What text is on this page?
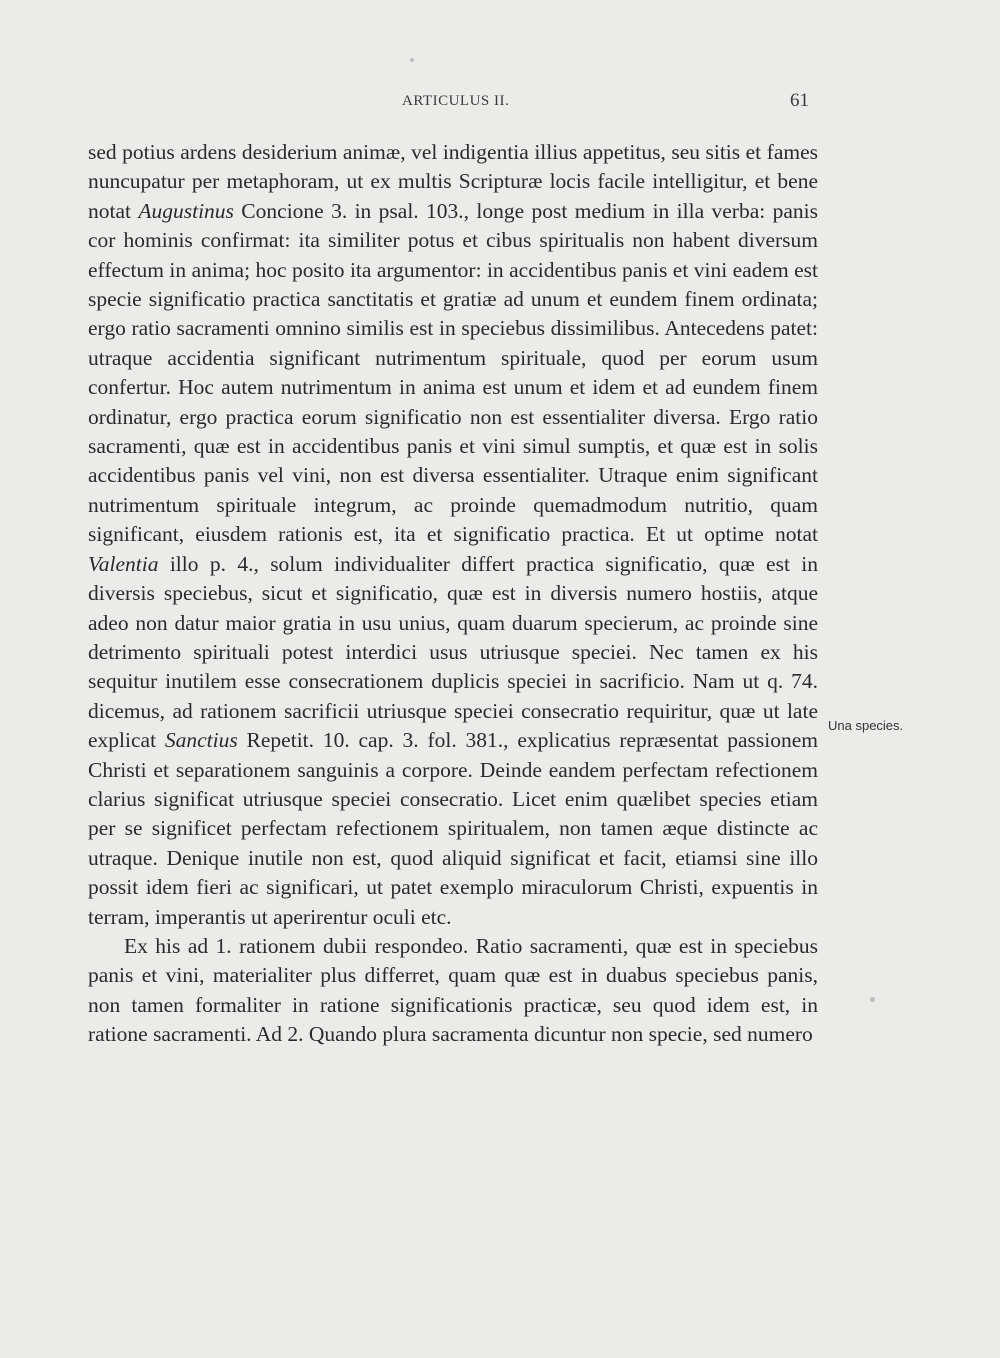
ARTICULUS II.	61

sed potius ardens desiderium animæ, vel indigentia illius appetitus, seu sitis et fames nuncupatur per metaphoram, ut ex multis Scripturæ locis facile intelligitur, et bene notat Augustinus Concione 3. in psal. 103., longe post medium in illa verba: panis cor hominis confirmat: ita similiter potus et cibus spiritualis non habent diversum effectum in anima; hoc posito ita argumentor: in accidentibus panis et vini eadem est specie significatio practica sanctitatis et gratiæ ad unum et eundem finem ordinata; ergo ratio sacramenti omnino similis est in speciebus dissimilibus. Antecedens patet: utraque accidentia significant nutrimentum spirituale, quod per eorum usum confertur. Hoc autem nutrimentum in anima est unum et idem et ad eundem finem ordinatur, ergo practica eorum significatio non est essentialiter diversa. Ergo ratio sacramenti, quæ est in accidentibus panis et vini simul sumptis, et quæ est in solis accidentibus panis vel vini, non est diversa essentialiter. Utraque enim significant nutrimentum spirituale integrum, ac proinde quemadmodum nutritio, quam significant, eiusdem rationis est, ita et significatio practica. Et ut optime notat Valentia illo p. 4., solum individualiter differt practica significatio, quæ est in diversis speciebus, sicut et significatio, quæ est in diversis numero hostiis, atque adeo non datur maior gratia in usu unius, quam duarum specierum, ac proinde sine detrimento spirituali potest interdici usus utriusque speciei. Nec tamen ex his sequitur inutilem esse consecrationem duplicis speciei in sacrificio. Nam ut q. 74. dicemus, ad rationem sacrificii utriusque speciei consecratio requiritur, quæ ut late explicat Sanctius Repetit. 10. cap. 3. fol. 381., explicatius repræsentat passionem Christi et separationem sanguinis a corpore. Deinde eandem perfectam refectionem clarius significat utriusque speciei consecratio. Licet enim quælibet species etiam per se significet perfectam refectionem spiritualem, non tamen æque distincte ac utraque. Denique inutile non est, quod aliquid significat et facit, etiamsi sine illo possit idem fieri ac significari, ut patet exemplo miraculorum Christi, expuentis in terram, imperantis ut aperirentur oculi etc.

Ex his ad 1. rationem dubii respondeo. Ratio sacramenti, quæ est in speciebus panis et vini, materialiter plus differret, quam quæ est in duabus speciebus panis, non tamen formaliter in ratione significationis practicæ, seu quod idem est, in ratione sacramenti. Ad 2. Quando plura sacramenta dicuntur non specie, sed numero

Una species.
